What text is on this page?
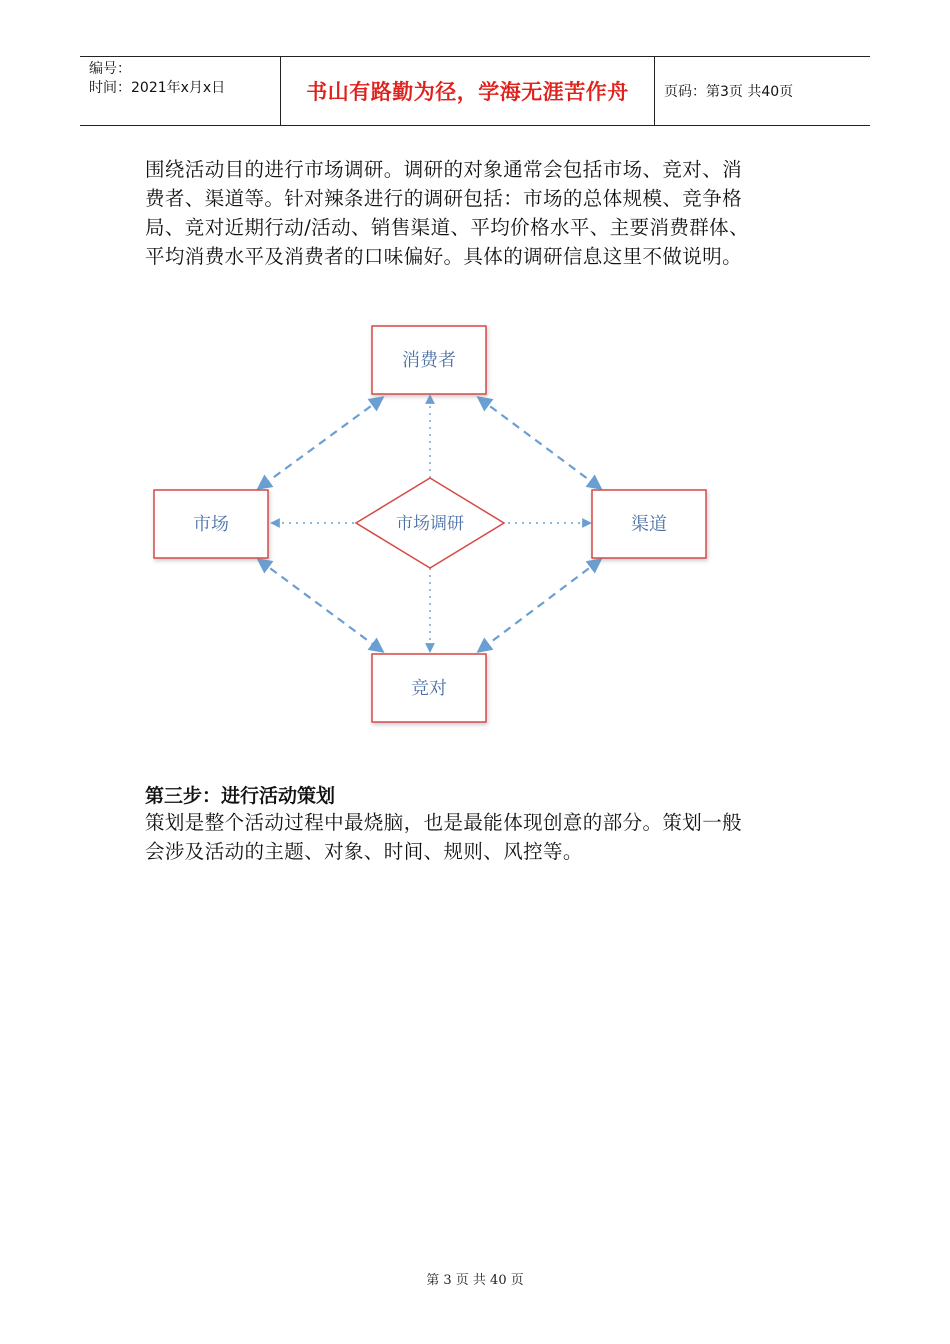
编号：
时间：2021年x月x日	书山有路勤为径，学海无涯苦作舟	页码：第3页 共40页

围绕活动目的进行市场调研。调研的对象通常会包括市场、竞对、消
费者、渠道等。针对辣条进行的调研包括：市场的总体规模、竞争格
局、竞对近期行动/活动、销售渠道、平均价格水平、主要消费群体、
平均消费水平及消费者的口味偏好。具体的调研信息这里不做说明。

消费者
市场	渠道
竞对
市场调研
第三步：进行活动策划

策划是整个活动过程中最烧脑，也是最能体现创意的部分。策划一般
会涉及活动的主题、对象、时间、规则、风控等。

第 3 页 共 40 页
